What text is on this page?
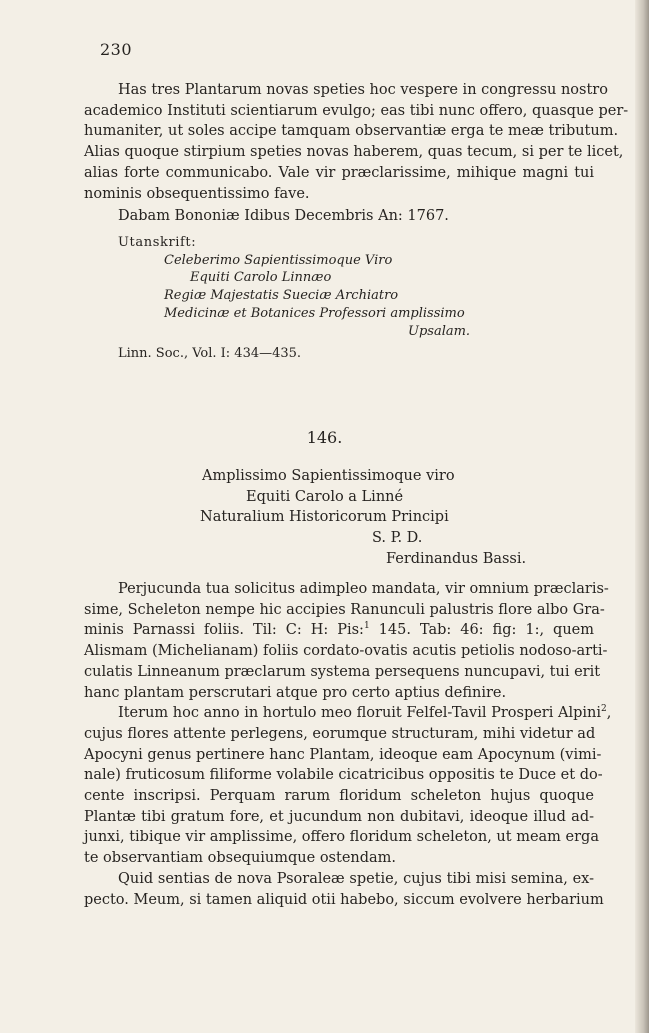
230
Has tres Plantarum novas speties hoc vespere in congressu nostro
academico Instituti scientiarum evulgo; eas tibi nunc offero, quasque per-
humaniter, ut soles accipe tamquam observantiæ erga te meæ tributum.
Alias quoque stirpium speties novas haberem, quas tecum, si per te licet,
alias forte communicabo. Vale vir præclarissime, mihique magni tui
nominis obsequentissimo fave.
Dabam Bononiæ Idibus Decembris An: 1767.
Utanskrift:
Celeberimo Sapientissimoque Viro
Equiti Carolo Linnæo
Regiæ Majestatis Sueciæ Archiatro
Medicinæ et Botanices Professori amplissimo
Upsalam.
Linn. Soc., Vol. I: 434—435.
146.
Amplissimo Sapientissimoque viro
Equiti Carolo a Linné
Naturalium Historicorum Principi
S. P. D.
Ferdinandus Bassi.
Perjucunda tua solicitus adimpleo mandata, vir omnium præclaris-
sime, Scheleton nempe hic accipies Ranunculi palustris flore albo Gra-
minis Parnassi foliis. Til: C: H: Pis:$^1$ 145. Tab: 46: fig: 1:, quem
Alismam (Michelianam) foliis cordato-ovatis acutis petiolis nodoso-arti-
culatis Linneanum præclarum systema persequens nuncupavi, tui erit
hanc plantam perscrutari atque pro certo aptius definire.
Iterum hoc anno in hortulo meo floruit Felfel-Tavil Prosperi Alpini$^2$,
cujus flores attente perlegens, eorumque structuram, mihi videtur ad
Apocyni genus pertinere hanc Plantam, ideoque eam Apocynum (vimi-
nale) fruticosum filiforme volabile cicatricibus oppositis te Duce et do-
cente inscripsi. Perquam rarum floridum scheleton hujus quoque
Plantæ tibi gratum fore, et jucundum non dubitavi, ideoque illud ad-
junxi, tibique vir amplissime, offero floridum scheleton, ut meam erga
te observantiam obsequiumque ostendam.
Quid sentias de nova Psoraleæ spetie, cujus tibi misi semina, ex-
pecto. Meum, si tamen aliquid otii habebo, siccum evolvere herbarium
